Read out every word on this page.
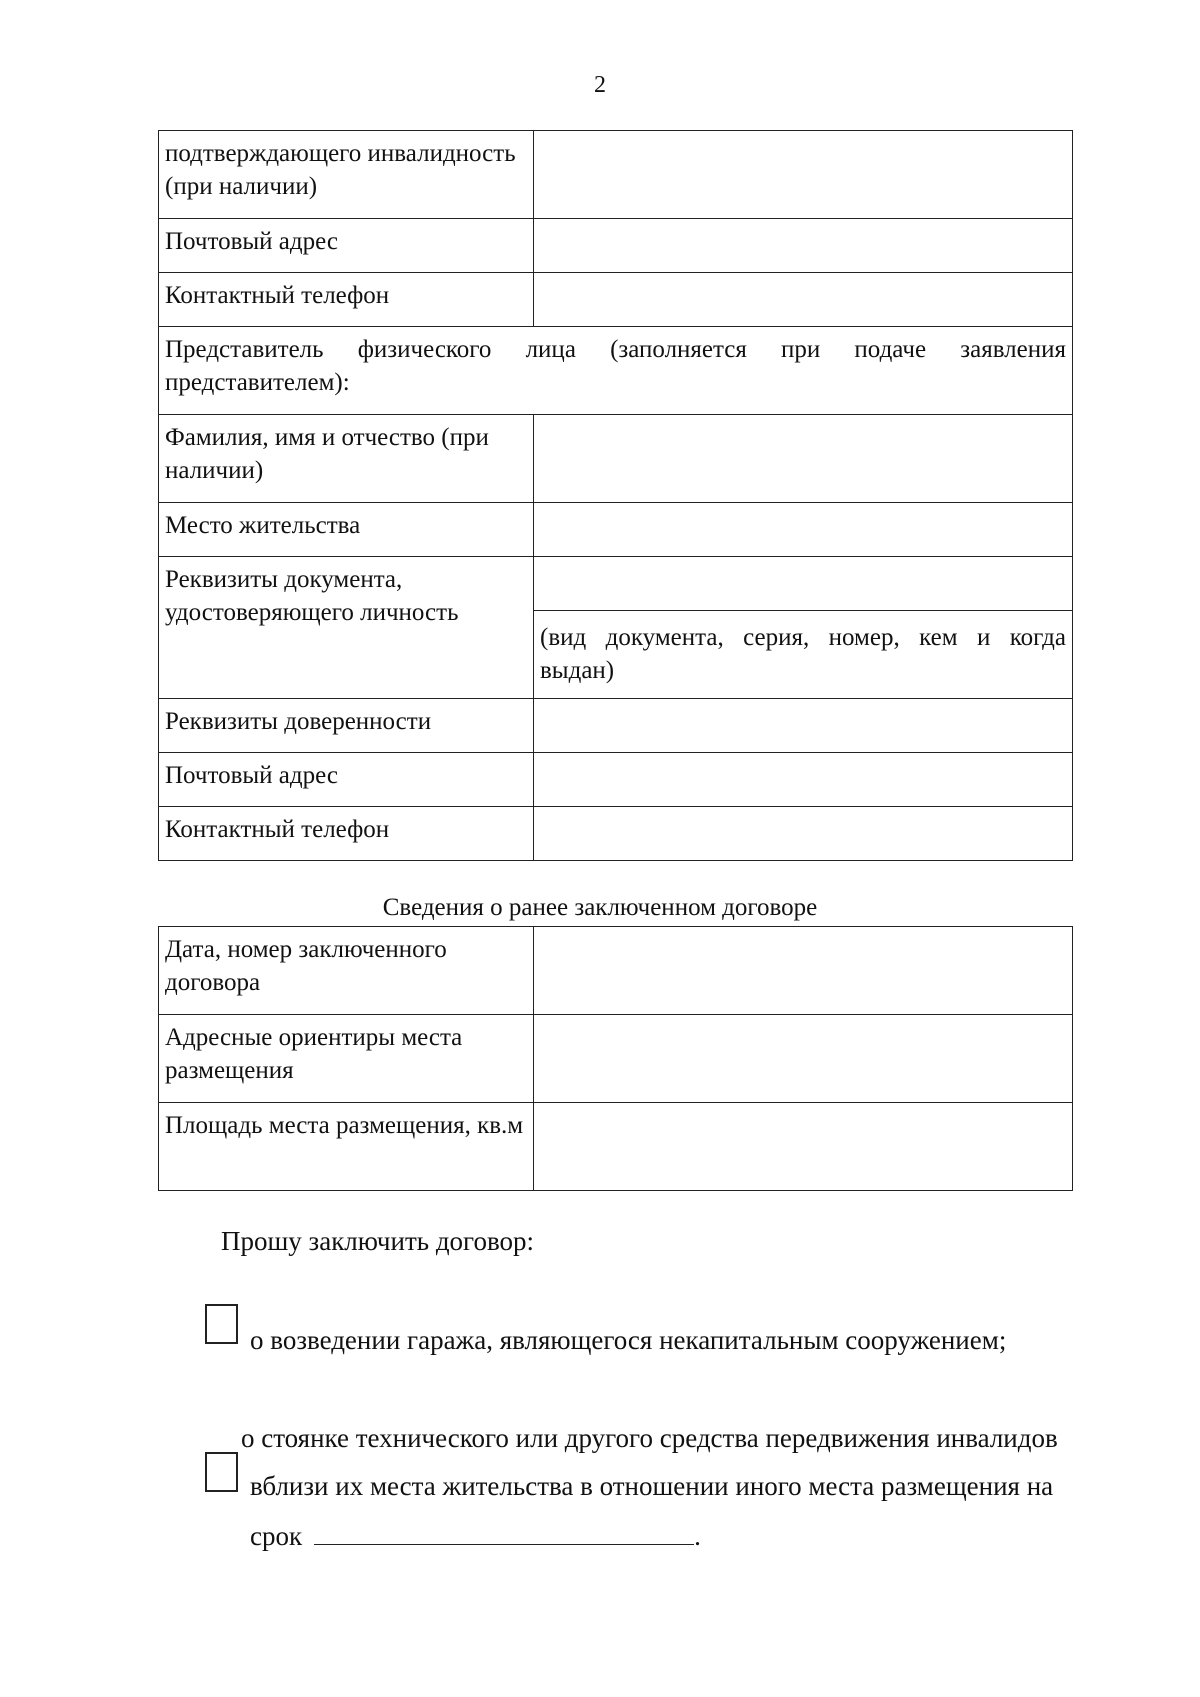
2
подтверждающего инвалидность (при наличии)	
Почтовый адрес	
Контактный телефон	
Представитель физического лица (заполняется при подаче заявления представителем):	
Фамилия, имя и отчество (при наличии)	
Место жительства	
Реквизиты документа, удостоверяющего личность	
	(вид документа, серия, номер, кем и когда выдан)
Реквизиты доверенности	
Почтовый адрес	
Контактный телефон	
Сведения о ранее заключенном договоре
Дата, номер заключенного договора	
Адресные ориентиры места размещения	
Площадь места размещения, кв.м	
Прошу заключить договор:
о возведении гаража, являющегося некапитальным сооружением;
о стоянке технического или другого средства передвижения инвалидов
вблизи их места жительства в отношении иного места размещения на
срок	.
